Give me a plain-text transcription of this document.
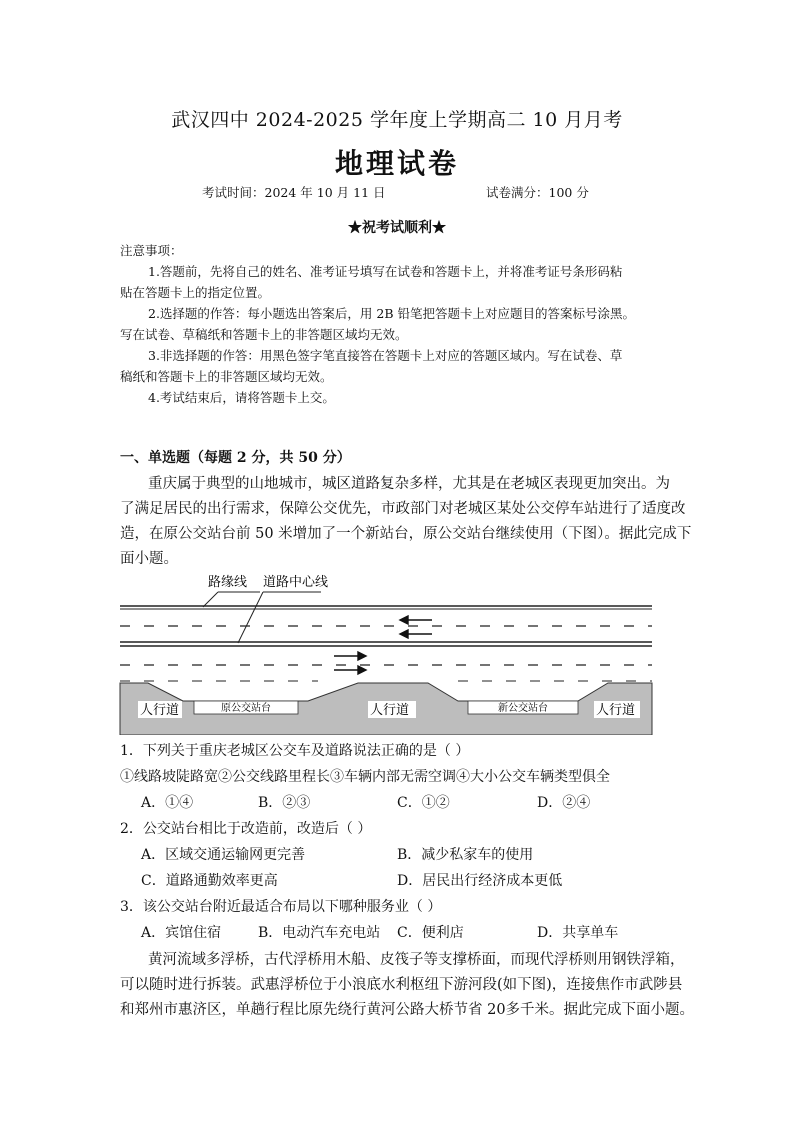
武汉四中 2024-2025 学年度上学期高二 10 月月考
地理试卷
考试时间：2024 年 10 月 11 日	试卷满分：100 分
★祝考试顺利★
注意事项：
1.答题前，先将自己的姓名、准考证号填写在试卷和答题卡上，并将准考证号条形码粘
贴在答题卡上的指定位置。
2.选择题的作答：每小题选出答案后，用 2B 铅笔把答题卡上对应题目的答案标号涂黑。
写在试卷、草稿纸和答题卡上的非答题区域均无效。
3.非选择题的作答：用黑色签字笔直接答在答题卡上对应的答题区域内。写在试卷、草
稿纸和答题卡上的非答题区域均无效。
4.考试结束后，请将答题卡上交。
一、单选题（每题 2 分，共 50 分）
重庆属于典型的山地城市，城区道路复杂多样，尤其是在老城区表现更加突出。为
了满足居民的出行需求，保障公交优先，市政部门对老城区某处公交停车站进行了适度改
造，在原公交站台前 50 米增加了一个新站台，原公交站台继续使用（下图）。据此完成下
面小题。
路缘线 道路中心线
原公交站台	新公交站台
人行道	人行道	人行道
1．下列关于重庆老城区公交车及道路说法正确的是（ ）
①线路坡陡路宽②公交线路里程长③车辆内部无需空调④大小公交车辆类型俱全
A．①④	B．②③	C．①②	D．②④
2．公交站台相比于改造前，改造后（ ）
A．区域交通运输网更完善	B．减少私家车的使用
C．道路通勤效率更高	D．居民出行经济成本更低
3．该公交站台附近最适合布局以下哪种服务业（ ）
A．宾馆住宿	B．电动汽车充电站 C．便利店	D．共享单车
黄河流域多浮桥，古代浮桥用木船、皮筏子等支撑桥面，而现代浮桥则用钢铁浮箱，
可以随时进行拆装。武惠浮桥位于小浪底水利枢纽下游河段(如下图)，连接焦作市武陟县
和郑州市惠济区，单趟行程比原先绕行黄河公路大桥节省 20多千米。据此完成下面小题。
